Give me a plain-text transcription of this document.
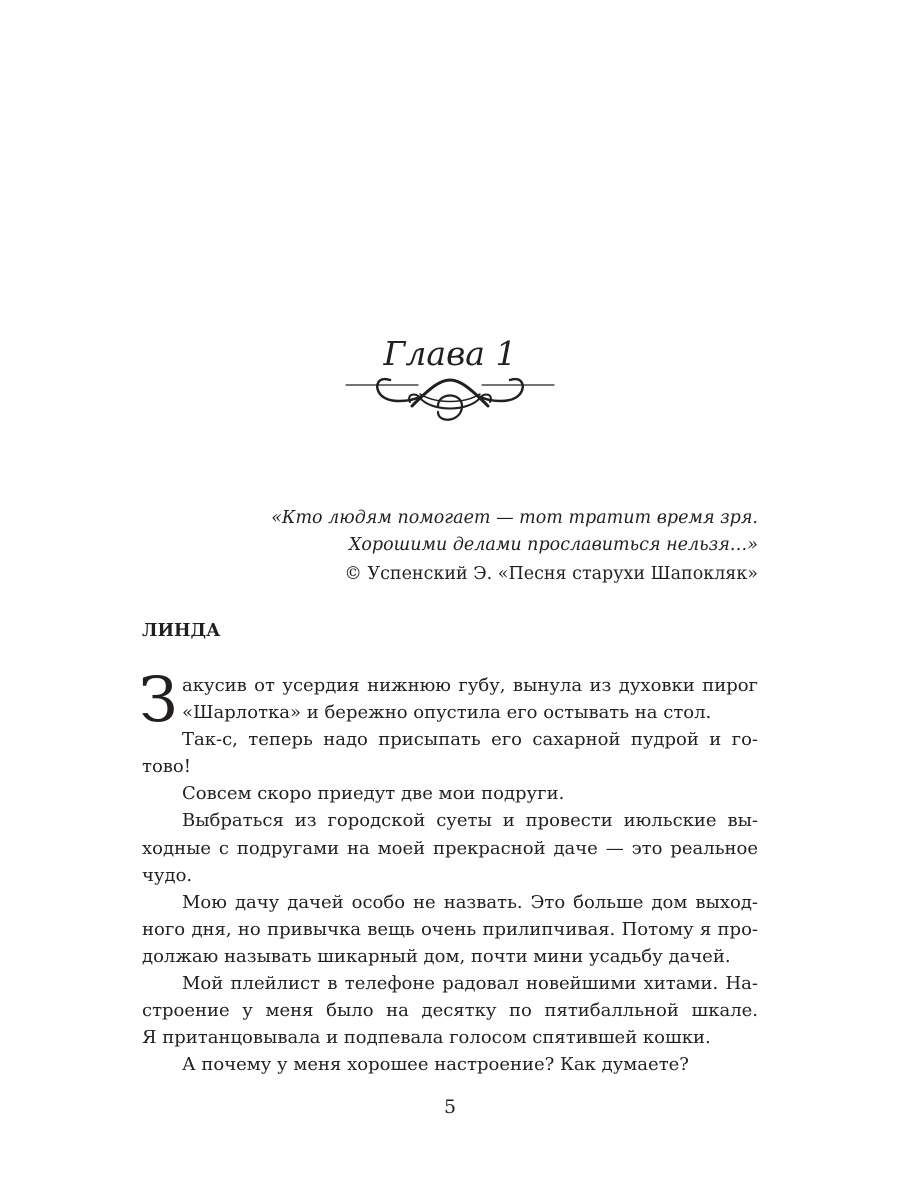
Глава 1
«Кто людям помогает — тот тратит время зря.
Хорошими делами прославиться нельзя…»
© Успенский Э. «Песня старухи Шапокляк»
ЛИНДА
З акусив от усердия нижнюю губу, вынула из духовки пирог
«Шарлотка» и бережно опустила его остывать на стол.
Так-с, теперь надо присыпать его сахарной пудрой и го-
тово!
Совсем скоро приедут две мои подруги.
Выбраться из городской суеты и провести июльские вы-
ходные с подругами на моей прекрасной даче — это реальное
чудо.
Мою дачу дачей особо не назвать. Это больше дом выход-
ного дня, но привычка вещь очень прилипчивая. Потому я про-
должаю называть шикарный дом, почти мини усадьбу дачей.
Мой плейлист в телефоне радовал новейшими хитами. На-
строение у меня было на десятку по пятибалльной шкале.
Я пританцовывала и подпевала голосом спятившей кошки.
А почему у меня хорошее настроение? Как думаете?
5
